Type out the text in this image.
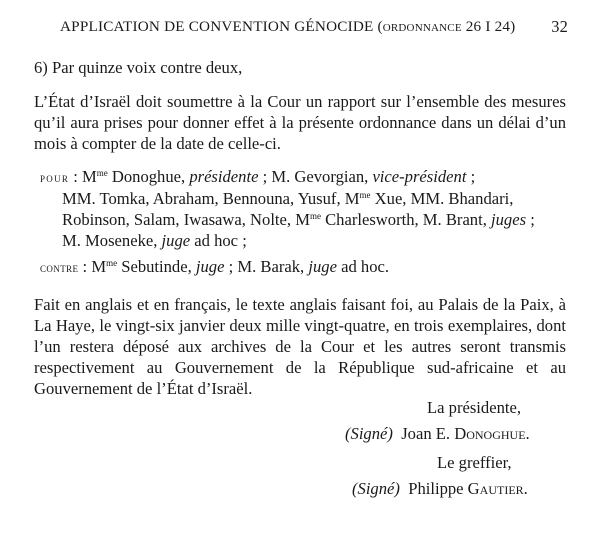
APPLICATION DE CONVENTION GÉNOCIDE (ordonnance 26 I 24) 32

6) Par quinze voix contre deux,

L’État d’Israël doit soumettre à la Cour un rapport sur l’ensemble des mesures qu’il aura prises pour donner effet à la présente ordonnance dans un délai d’un mois à compter de la date de celle-ci.

pour : $M^{me}$ Donoghue, présidente ; M. Gevorgian, vice-président ;
MM. Tomka, Abraham, Bennouna, Yusuf, $M^{me}$ Xue, MM. Bhandari,
Robinson, Salam, Iwasawa, Nolte, $M^{me}$ Charlesworth, M. Brant, juges ;
M. Moseneke, juge ad hoc ;
contre : $M^{me}$ Sebutinde, juge ; M. Barak, juge ad hoc.

Fait en anglais et en français, le texte anglais faisant foi, au Palais de la Paix, à La Haye, le vingt-six janvier deux mille vingt-quatre, en trois exemplaires, dont l’un restera déposé aux archives de la Cour et les autres seront transmis respectivement au Gouvernement de la République sud-africaine et au Gouvernement de l’État d’Israël.

La présidente,
(Signé) Joan E. Donoghue.
Le greffier,
(Signé) Philippe Gautier.
